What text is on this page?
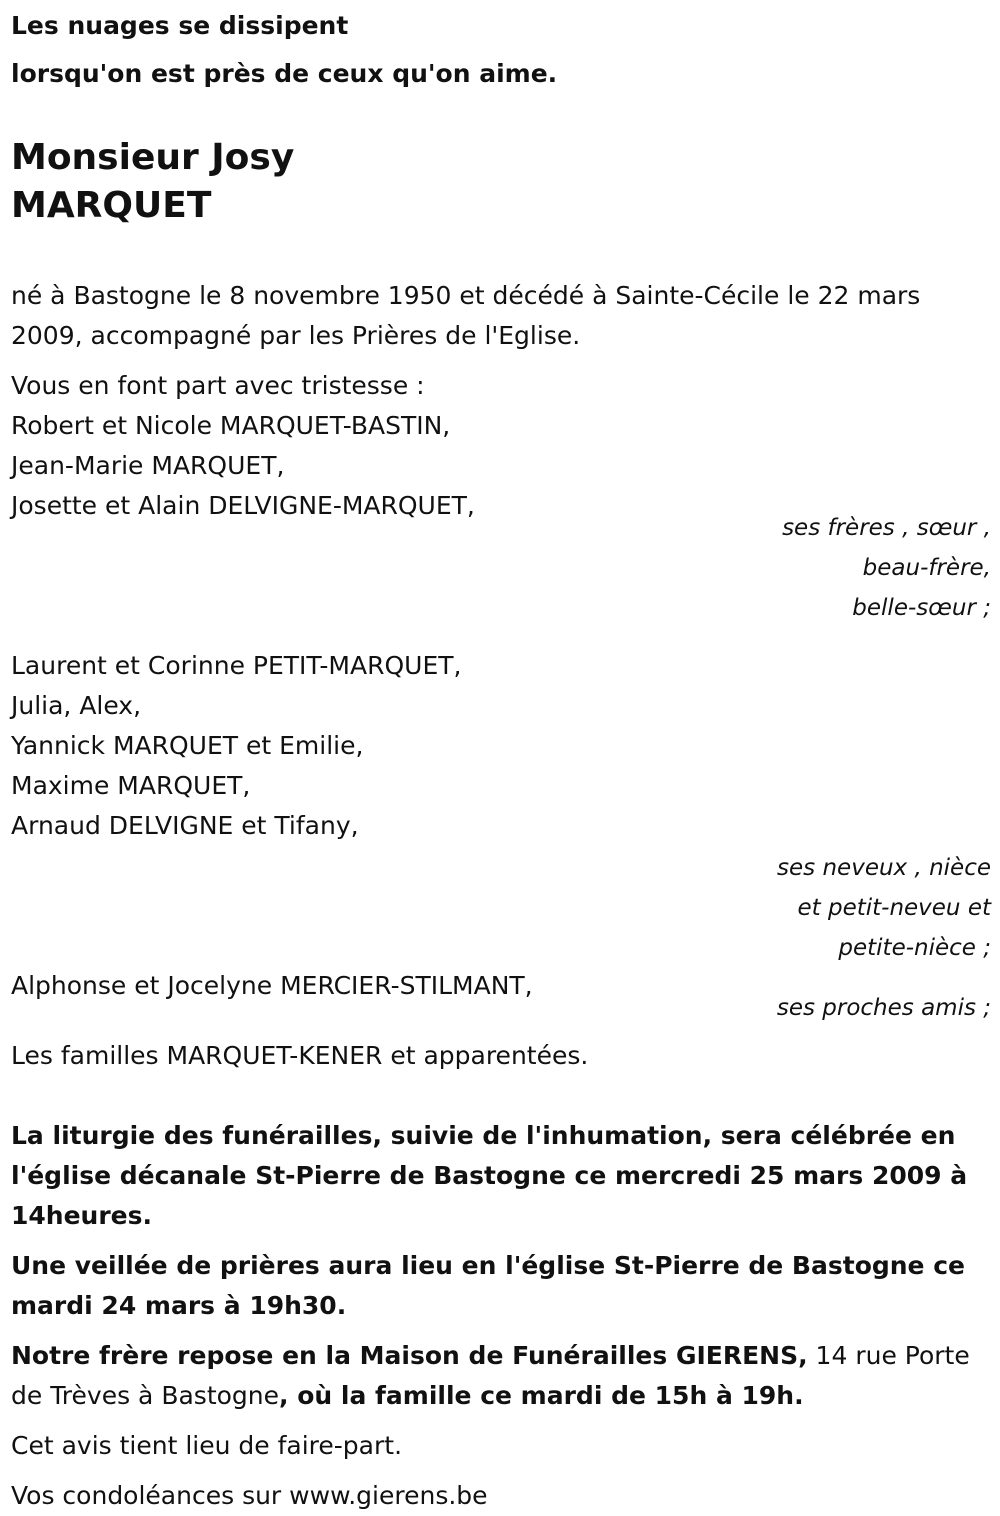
Les nuages se dissipent
lorsqu'on est près de ceux qu'on aime.
Monsieur Josy
MARQUET
né à Bastogne le 8 novembre 1950 et décédé à Sainte-Cécile le 22 mars
2009, accompagné par les Prières de l'Eglise.
Vous en font part avec tristesse :
Robert et Nicole MARQUET-BASTIN,
Jean-Marie MARQUET,
Josette et Alain DELVIGNE-MARQUET,
ses frères , sœur ,
beau-frère,
belle-sœur ;
Laurent et Corinne PETIT-MARQUET,
Julia, Alex,
Yannick MARQUET et Emilie,
Maxime MARQUET,
Arnaud DELVIGNE et Tifany,
ses neveux , nièce
et petit-neveu et
petite-nièce ;
Alphonse et Jocelyne MERCIER-STILMANT,
ses proches amis ;
Les familles MARQUET-KENER et apparentées.
La liturgie des funérailles, suivie de l'inhumation, sera célébrée en
l'église décanale St-Pierre de Bastogne ce mercredi 25 mars 2009 à
14heures.
Une veillée de prières aura lieu en l'église St-Pierre de Bastogne ce
mardi 24 mars à 19h30.
Notre frère repose en la Maison de Funérailles GIERENS, 14 rue Porte
de Trèves à Bastogne, où la famille ce mardi de 15h à 19h.
Cet avis tient lieu de faire-part.
Vos condoléances sur www.gierens.be
